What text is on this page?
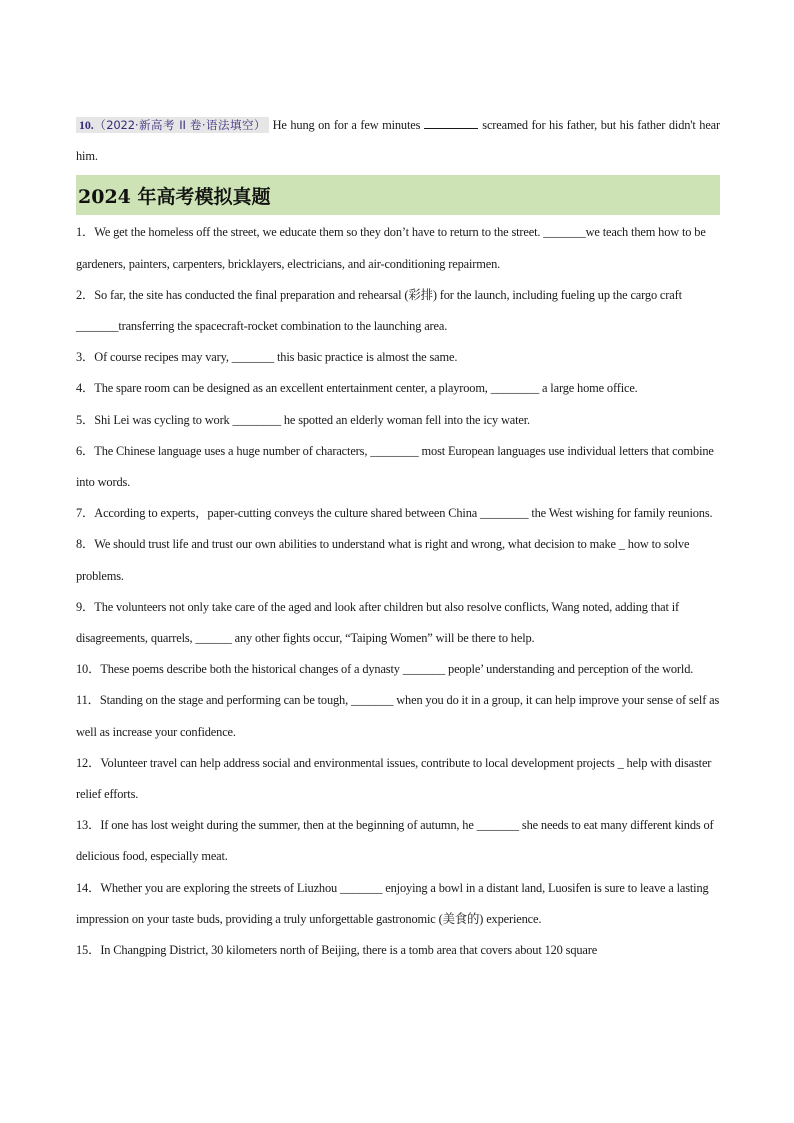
10.（2022·新高考 II 卷·语法填空） He hung on for a few minutes	screamed for his father, but his father didn't hear him.

2024 年高考模拟真题

1．We get the homeless off the street, we educate them so they don’t have to return to the street. _______we teach them how to be gardeners, painters, carpenters, bricklayers, electricians, and air-conditioning repairmen.

2．So far, the site has conducted the final preparation and rehearsal (彩排) for the launch, including fueling up the cargo craft _______transferring the spacecraft-rocket combination to the launching area.

3．Of course recipes may vary, _______ this basic practice is almost the same.

4．The spare room can be designed as an excellent entertainment center, a playroom, ________ a large home office.

5．Shi Lei was cycling to work ________ he spotted an elderly woman fell into the icy water.

6．The Chinese language uses a huge number of characters, ________ most European languages use individual letters that combine into words.

7．According to experts，paper-cutting conveys the culture shared between China ________ the West wishing for family reunions.

8．We should trust life and trust our own abilities to understand what is right and wrong, what decision to make _ how to solve problems.

9．The volunteers not only take care of the aged and look after children but also resolve conflicts, Wang noted, adding that if disagreements, quarrels, ______ any other fights occur, “Taiping Women” will be there to help.

10．These poems describe both the historical changes of a dynasty _______ people’ understanding and perception of the world.

11．Standing on the stage and performing can be tough, _______ when you do it in a group, it can help improve your sense of self as well as increase your confidence.

12．Volunteer travel can help address social and environmental issues, contribute to local development projects _ help with disaster relief efforts.

13．If one has lost weight during the summer, then at the beginning of autumn, he _______ she needs to eat many different kinds of delicious food, especially meat.

14．Whether you are exploring the streets of Liuzhou _______ enjoying a bowl in a distant land, Luosifen is sure to leave a lasting impression on your taste buds, providing a truly unforgettable gastronomic (美食的) experience.

15．In Changping District, 30 kilometers north of Beijing, there is a tomb area that covers about 120 square
